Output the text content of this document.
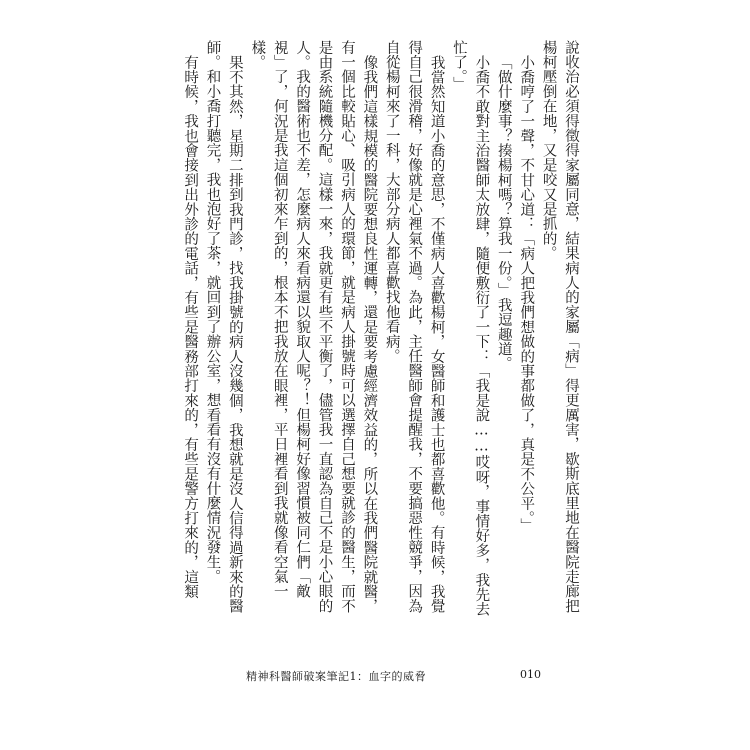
說收治必須得徵得家屬同意，結果病人的家屬「病」得更厲害，歇斯底里地在醫院走廊把楊柯壓倒在地，又是咬又是抓的。

小喬哼了一聲，不甘心道：「病人把我們想做的事都做了，真是不公平。」

「做什麼事？揍楊柯嗎？算我一份。」我逗趣道。

小喬不敢對主治醫師太放肆，隨便敷衍了一下：「我是說……哎呀，事情好多，我先去忙了。」

我當然知道小喬的意思，不僅病人喜歡楊柯，女醫師和護士也都喜歡他。有時候，我覺得自己很滑稽，好像就是心裡氣不過。為此，主任醫師會提醒我，不要搞惡性競爭，因為自從楊柯來了一科，大部分病人都喜歡找他看病。

像我們這樣規模的醫院要想良性運轉，還是要考慮經濟效益的，所以在我們醫院就醫，有一個比較貼心、吸引病人的環節，就是病人掛號時可以選擇自己想要就診的醫生，而不是由系統隨機分配。這樣一來，我就更有些不平衡了，儘管我一直認為自己不是小心眼的人。我的醫術也不差，怎麼病人來看病還以貌取人呢？！但楊柯好像習慣被同仁們「敵視」了，何況是我這個初來乍到的，根本不把我放在眼裡，平日裡看到我就像看空氣一樣。

果不其然，星期二排到我門診，找我掛號的病人沒幾個，我想就是沒人信得過新來的醫師。和小喬打聽完，我也泡好了茶，就回到了辦公室，想看看有沒有什麼情況發生。

有時候，我也會接到出外診的電話，有些是醫務部打來的，有些是警方打來的，這類

精神科醫師破案筆記1：血字的威脅	010
